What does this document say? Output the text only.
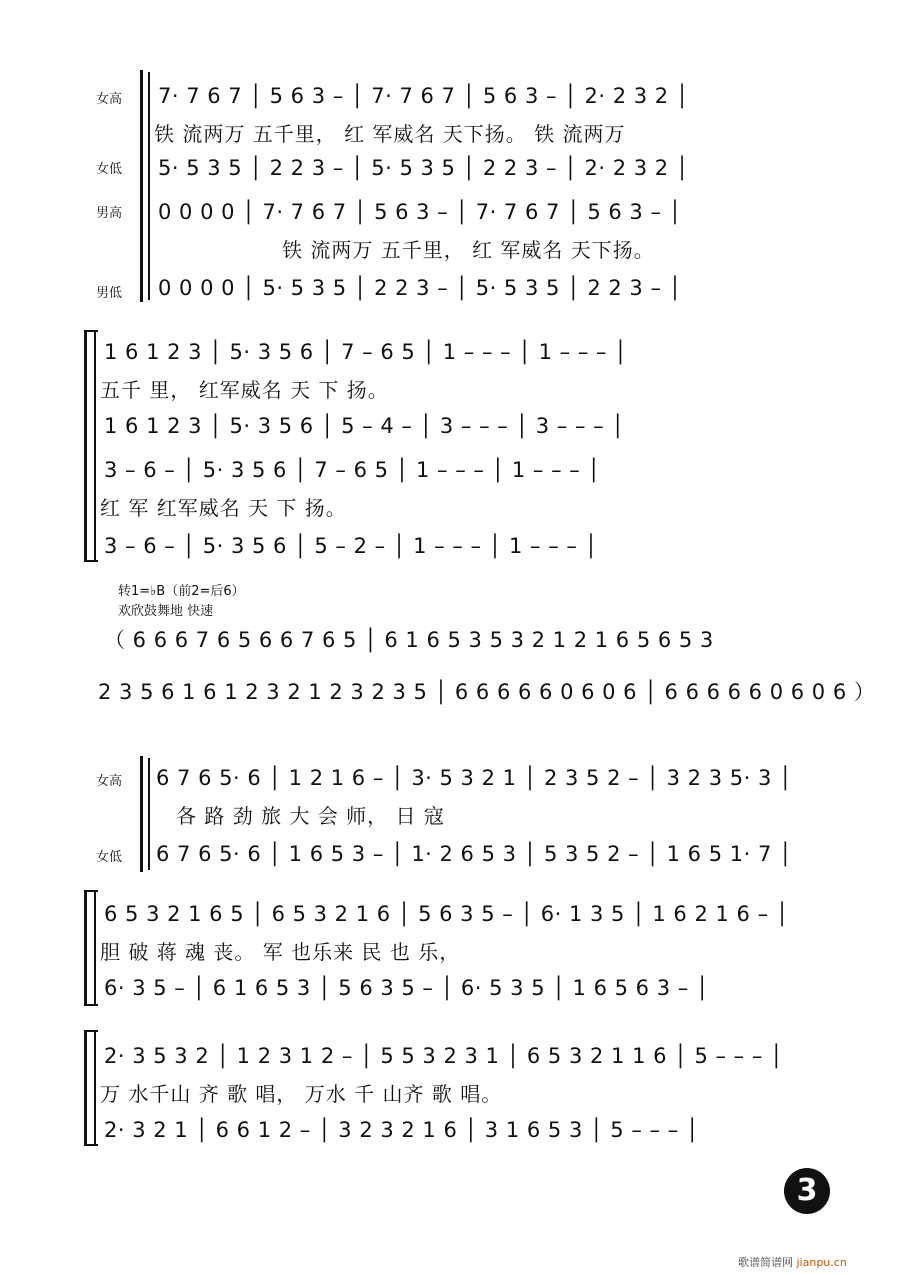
女高
女低
男高
男低
7· 7 6 7 │ 5 6 3 – │ 7· 7 6 7 │ 5 6 3 – │ 2· 2 3 2 │
铁 流两万 五千里， 红 军威名 天下扬。 铁 流两万
5· 5 3 5 │ 2 2 3 – │ 5· 5 3 5 │ 2 2 3 – │ 2· 2 3 2 │
0 0 0 0 │ 7· 7 6 7 │ 5 6 3 – │ 7· 7 6 7 │ 5 6 3 – │
铁 流两万 五千里， 红 军威名 天下扬。
0 0 0 0 │ 5· 5 3 5 │ 2 2 3 – │ 5· 5 3 5 │ 2 2 3 – │
1 6 1 2 3 │ 5· 3 5 6 │ 7 – 6 5 │ 1 – – – │ 1 – – – │
五千 里， 红军威名 天 下 扬。
1 6 1 2 3 │ 5· 3 5 6 │ 5 – 4 – │ 3 – – – │ 3 – – – │
3 – 6 – │ 5· 3 5 6 │ 7 – 6 5 │ 1 – – – │ 1 – – – │
红 军 红军威名 天 下 扬。
3 – 6 – │ 5· 3 5 6 │ 5 – 2 – │ 1 – – – │ 1 – – – │
转1=♭B（前2=后6）
欢欣鼓舞地 快速
（ 6 6 6 7 6 5 6 6 7 6 5 │ 6 1 6 5 3 5 3 2 1 2 1 6 5 6 5 3
2 3 5 6 1 6 1 2 3 2 1 2 3 2 3 5 │ 6 6 6 6 6 0 6 0 6 │ 6 6 6 6 6 0 6 0 6 ）
女高
女低
6 7 6 5· 6 │ 1 2 1 6 – │ 3· 5 3 2 1 │ 2 3 5 2 – │ 3 2 3 5· 3 │
各 路 劲 旅 大 会 师， 日 寇
6 7 6 5· 6 │ 1 6 5 3 – │ 1· 2 6 5 3 │ 5 3 5 2 – │ 1 6 5 1· 7 │
6 5 3 2 1 6 5 │ 6 5 3 2 1 6 │ 5 6 3 5 – │ 6· 1 3 5 │ 1 6 2 1 6 – │
胆 破 蒋 魂 丧。 军 也乐来 民 也 乐，
6· 3 5 – │ 6 1 6 5 3 │ 5 6 3 5 – │ 6· 5 3 5 │ 1 6 5 6 3 – │
2· 3 5 3 2 │ 1 2 3 1 2 – │ 5 5 3 2 3 1 │ 6 5 3 2 1 1 6 │ 5 – – – │
万 水千山 齐 歌 唱， 万水 千 山齐 歌 唱。
2· 3 2 1 │ 6 6 1 2 – │ 3 2 3 2 1 6 │ 3 1 6 5 3 │ 5 – – – │
3
歌谱简谱网 jianpu.cn
